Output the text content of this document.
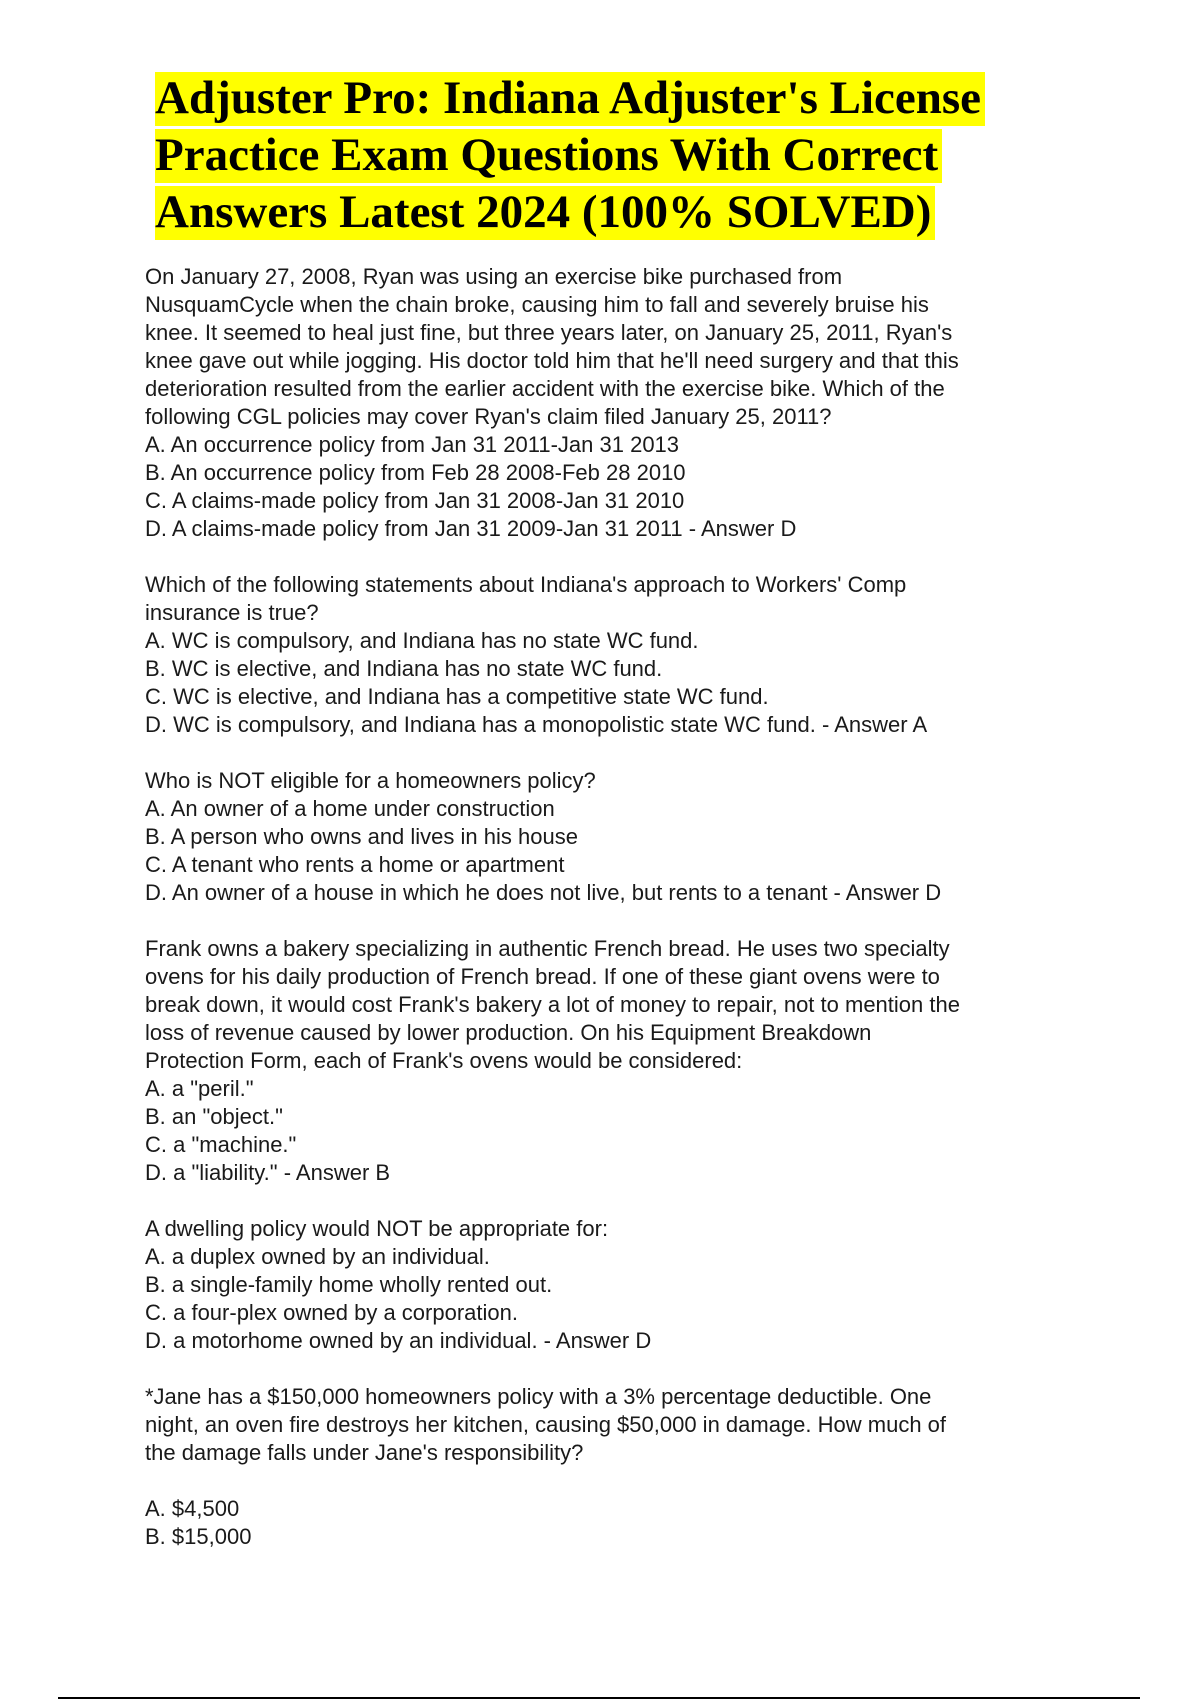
Adjuster Pro: Indiana Adjuster's License
Practice Exam Questions With Correct
Answers Latest 2024 (100% SOLVED)
On January 27, 2008, Ryan was using an exercise bike purchased from
NusquamCycle when the chain broke, causing him to fall and severely bruise his
knee. It seemed to heal just fine, but three years later, on January 25, 2011, Ryan's
knee gave out while jogging. His doctor told him that he'll need surgery and that this
deterioration resulted from the earlier accident with the exercise bike. Which of the
following CGL policies may cover Ryan's claim filed January 25, 2011?
A. An occurrence policy from Jan 31 2011-Jan 31 2013
B. An occurrence policy from Feb 28 2008-Feb 28 2010
C. A claims-made policy from Jan 31 2008-Jan 31 2010
D. A claims-made policy from Jan 31 2009-Jan 31 2011 - Answer D
Which of the following statements about Indiana's approach to Workers' Comp
insurance is true?
A. WC is compulsory, and Indiana has no state WC fund.
B. WC is elective, and Indiana has no state WC fund.
C. WC is elective, and Indiana has a competitive state WC fund.
D. WC is compulsory, and Indiana has a monopolistic state WC fund. - Answer A
Who is NOT eligible for a homeowners policy?
A. An owner of a home under construction
B. A person who owns and lives in his house
C. A tenant who rents a home or apartment
D. An owner of a house in which he does not live, but rents to a tenant - Answer D
Frank owns a bakery specializing in authentic French bread. He uses two specialty
ovens for his daily production of French bread. If one of these giant ovens were to
break down, it would cost Frank's bakery a lot of money to repair, not to mention the
loss of revenue caused by lower production. On his Equipment Breakdown
Protection Form, each of Frank's ovens would be considered:
A. a "peril."
B. an "object."
C. a "machine."
D. a "liability." - Answer B
A dwelling policy would NOT be appropriate for:
A. a duplex owned by an individual.
B. a single-family home wholly rented out.
C. a four-plex owned by a corporation.
D. a motorhome owned by an individual. - Answer D
*Jane has a $150,000 homeowners policy with a 3% percentage deductible. One
night, an oven fire destroys her kitchen, causing $50,000 in damage. How much of
the damage falls under Jane's responsibility?
A. $4,500
B. $15,000
